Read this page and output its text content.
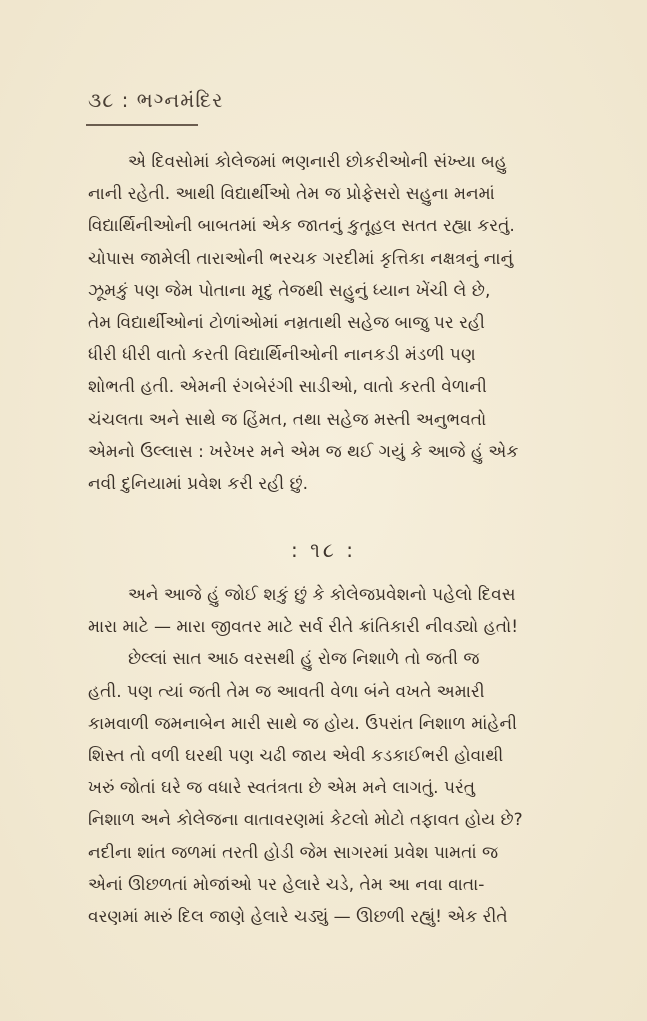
૩૮ : ભગ્નમંદિર
એ દિવસોમાં કોલેજમાં ભણનારી છોકરીઓની સંખ્યા બહુ
નાની રહેતી. આથી વિદ્યાર્થીઓ તેમ જ પ્રોફેસરો સહુના મનમાં
વિદ્યાર્થિનીઓની બાબતમાં એક જાતનું કુતૂહલ સતત રહ્યા કરતું.
ચોપાસ જામેલી તારાઓની ભરચક ગરદીમાં કૃત્તિકા નક્ષત્રનું નાનું
ઝૂમકું પણ જેમ પોતાના મૃદુ તેજથી સહુનું ધ્યાન ખેંચી લે છે,
તેમ વિદ્યાર્થીઓનાં ટોળાંઓમાં નમ્રતાથી સહેજ બાજુ પર રહી
ધીરી ધીરી વાતો કરતી વિદ્યાર્થિનીઓની નાનકડી મંડળી પણ
શોભતી હતી. એમની રંગબેરંગી સાડીઓ, વાતો કરતી વેળાની
ચંચલતા અને સાથે જ હિંમત, તથા સહેજ મસ્તી અનુભવતો
એમનો ઉલ્લાસ : ખરેખર મને એમ જ થઈ ગયું કે આજે હું એક
નવી દુનિયામાં પ્રવેશ કરી રહી છું.
: ૧૮ :
અને આજે હું જોઈ શકું છું કે કોલેજપ્રવેશનો પહેલો દિવસ
મારા માટે — મારા જીવતર માટે સર્વ રીતે ક્રાંતિકારી નીવડ્યો હતો!
છેલ્લાં સાત આઠ વરસથી હું રોજ નિશાળે તો જતી જ
હતી. પણ ત્યાં જતી તેમ જ આવતી વેળા બંને વખતે અમારી
કામવાળી જમનાબેન મારી સાથે જ હોય. ઉપરાંત નિશાળ માંહેની
શિસ્ત તો વળી ઘરથી પણ ચઢી જાય એવી કડકાઈભરી હોવાથી
ખરું જોતાં ઘરે જ વધારે સ્વતંત્રતા છે એમ મને લાગતું. પરંતુ
નિશાળ અને કોલેજના વાતાવરણમાં કેટલો મોટો તફાવત હોય છે?
નદીના શાંત જળમાં તરતી હોડી જેમ સાગરમાં પ્રવેશ પામતાં જ
એનાં ઊછળતાં મોજાંઓ પર હેલારે ચડે, તેમ આ નવા વાતા-
વરણમાં મારું દિલ જાણે હેલારે ચડ્યું — ઊછળી રહ્યું! એક રીતે
